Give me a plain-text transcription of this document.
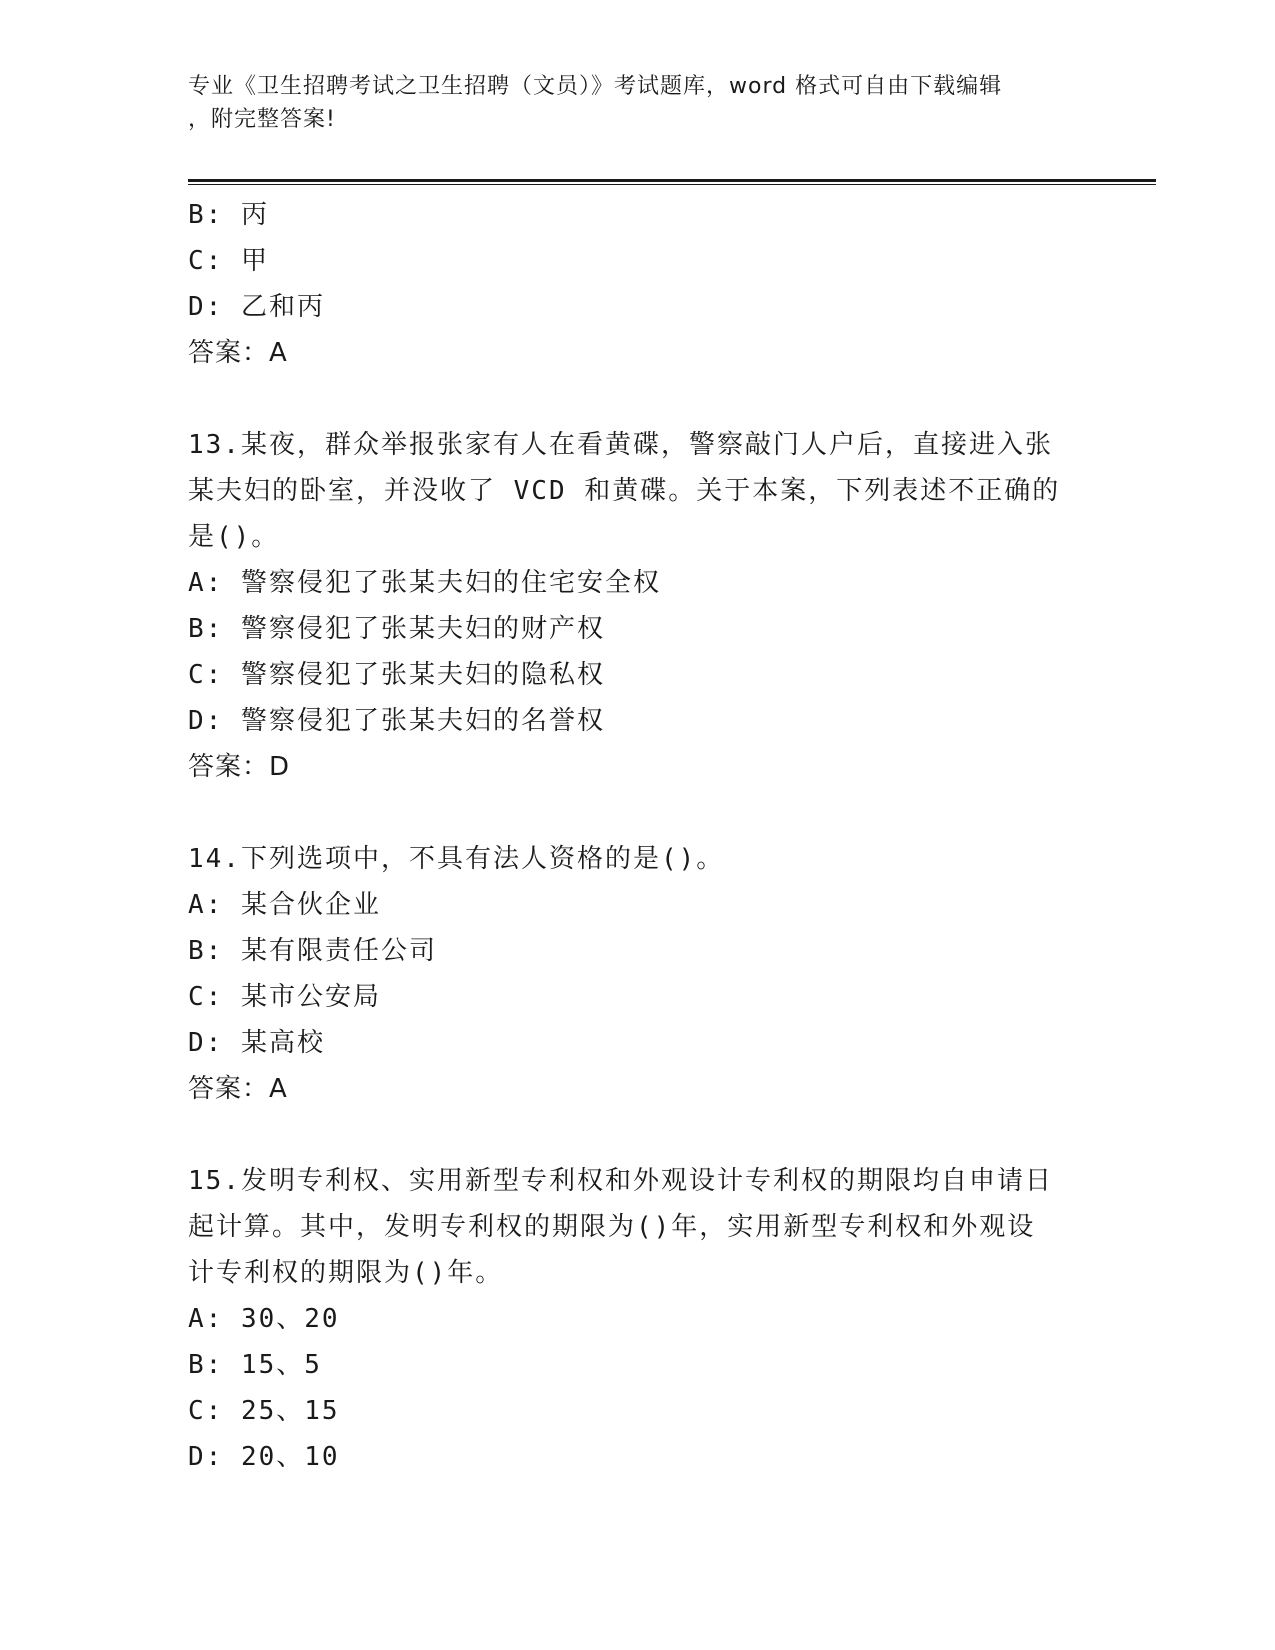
专业《卫生招聘考试之卫生招聘（文员）》考试题库，word 格式可自由下载编辑
，附完整答案!
B: 丙
C: 甲
D: 乙和丙
答案：A
13.某夜，群众举报张家有人在看黄碟，警察敲门人户后，直接进入张
某夫妇的卧室，并没收了 VCD 和黄碟。关于本案，下列表述不正确的
是()。
A: 警察侵犯了张某夫妇的住宅安全权
B: 警察侵犯了张某夫妇的财产权
C: 警察侵犯了张某夫妇的隐私权
D: 警察侵犯了张某夫妇的名誉权
答案：D
14.下列选项中，不具有法人资格的是()。
A: 某合伙企业
B: 某有限责任公司
C: 某市公安局
D: 某高校
答案：A
15.发明专利权、实用新型专利权和外观设计专利权的期限均自申请日
起计算。其中，发明专利权的期限为()年，实用新型专利权和外观设
计专利权的期限为()年。
A: 30、20
B: 15、5
C: 25、15
D: 20、10
